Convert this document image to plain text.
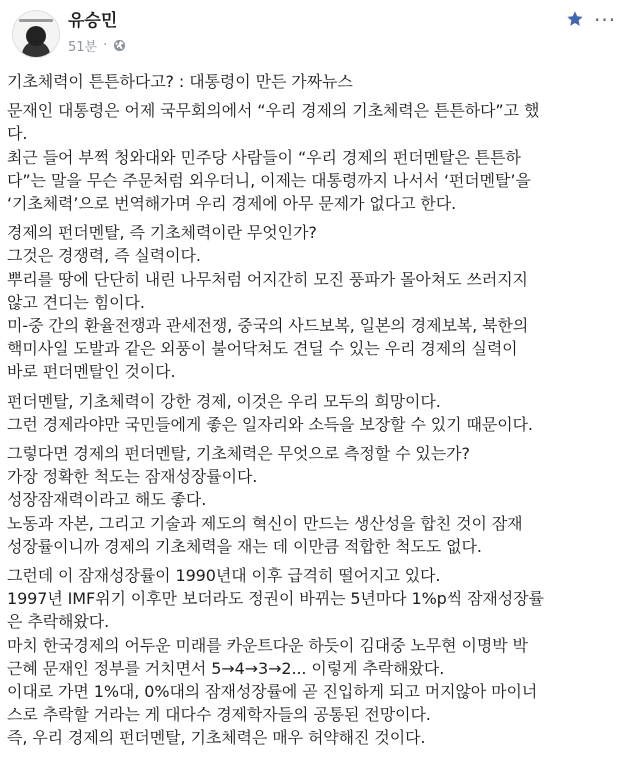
유승민
51분 ·
···
기초체력이 튼튼하다고? : 대통령이 만든 가짜뉴스
문재인 대통령은 어제 국무회의에서 “우리 경제의 기초체력은 튼튼하다”고 했
다.
최근 들어 부쩍 청와대와 민주당 사람들이 “우리 경제의 펀더멘탈은 튼튼하
다”는 말을 무슨 주문처럼 외우더니, 이제는 대통령까지 나서서 ‘펀더멘탈’을
‘기초체력’으로 번역해가며 우리 경제에 아무 문제가 없다고 한다.
경제의 펀더멘탈, 즉 기초체력이란 무엇인가?
그것은 경쟁력, 즉 실력이다.
뿌리를 땅에 단단히 내린 나무처럼 어지간히 모진 풍파가 몰아쳐도 쓰러지지
않고 견디는 힘이다.
미-중 간의 환율전쟁과 관세전쟁, 중국의 사드보복, 일본의 경제보복, 북한의
핵미사일 도발과 같은 외풍이 불어닥쳐도 견딜 수 있는 우리 경제의 실력이
바로 펀더멘탈인 것이다.
펀더멘탈, 기초체력이 강한 경제, 이것은 우리 모두의 희망이다.
그런 경제라야만 국민들에게 좋은 일자리와 소득을 보장할 수 있기 때문이다.
그렇다면 경제의 펀더멘탈, 기초체력은 무엇으로 측정할 수 있는가?
가장 정확한 척도는 잠재성장률이다.
성장잠재력이라고 해도 좋다.
노동과 자본, 그리고 기술과 제도의 혁신이 만드는 생산성을 합친 것이 잠재
성장률이니까 경제의 기초체력을 재는 데 이만큼 적합한 척도도 없다.
그런데 이 잠재성장률이 1990년대 이후 급격히 떨어지고 있다.
1997년 IMF위기 이후만 보더라도 정권이 바뀌는 5년마다 1%p씩 잠재성장률
은 추락해왔다.
마치 한국경제의 어두운 미래를 카운트다운 하듯이 김대중 노무현 이명박 박
근혜 문재인 정부를 거치면서 5→4→3→2... 이렇게 추락해왔다.
이대로 가면 1%대, 0%대의 잠재성장률에 곧 진입하게 되고 머지않아 마이너
스로 추락할 거라는 게 대다수 경제학자들의 공통된 전망이다.
즉, 우리 경제의 펀더멘탈, 기초체력은 매우 허약해진 것이다.
